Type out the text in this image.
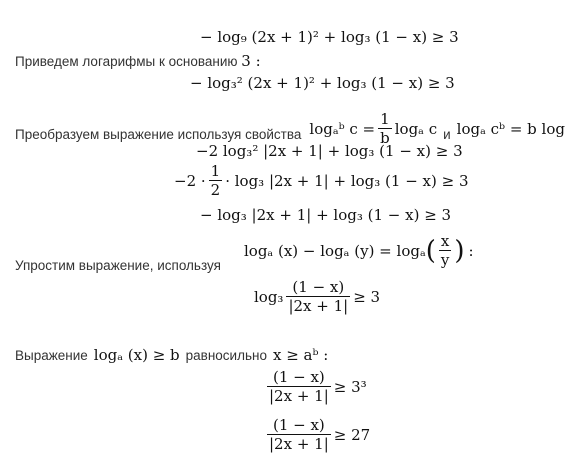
− log₉ (2x + 1)² + log₃ (1 − x) ≥ 3
Приведем логарифмы к основанию 3 :
− log₃² (2x + 1)² + log₃ (1 − x) ≥ 3
Преобразуем выражение используя свойства logₐᵇ $c = \frac{1}{b}$ logₐ c и logₐ cᵇ = b log
−2 log₃² |2x + 1| + log₃ (1 − x) ≥ 3
$-2 \cdot \frac{1}{2} \cdot \log_3$ |2x + 1| + log₃ (1 − x) ≥ 3
− log₃ |2x + 1| + log₃ (1 − x) ≥ 3
logₐ (x) − logₐ (y) = logₐ ( $\frac{x}{y}$ ) :
Упростим выражение, используя
$\log_3 \frac{(1 - x)}{|2x + 1|} \ge 3$
Выражение logₐ (x) ≥ b равносильно x ≥ aᵇ :
$\frac{(1 - x)}{|2x + 1|} \ge 3^3$
$\frac{(1 - x)}{|2x + 1|} \ge 27$
